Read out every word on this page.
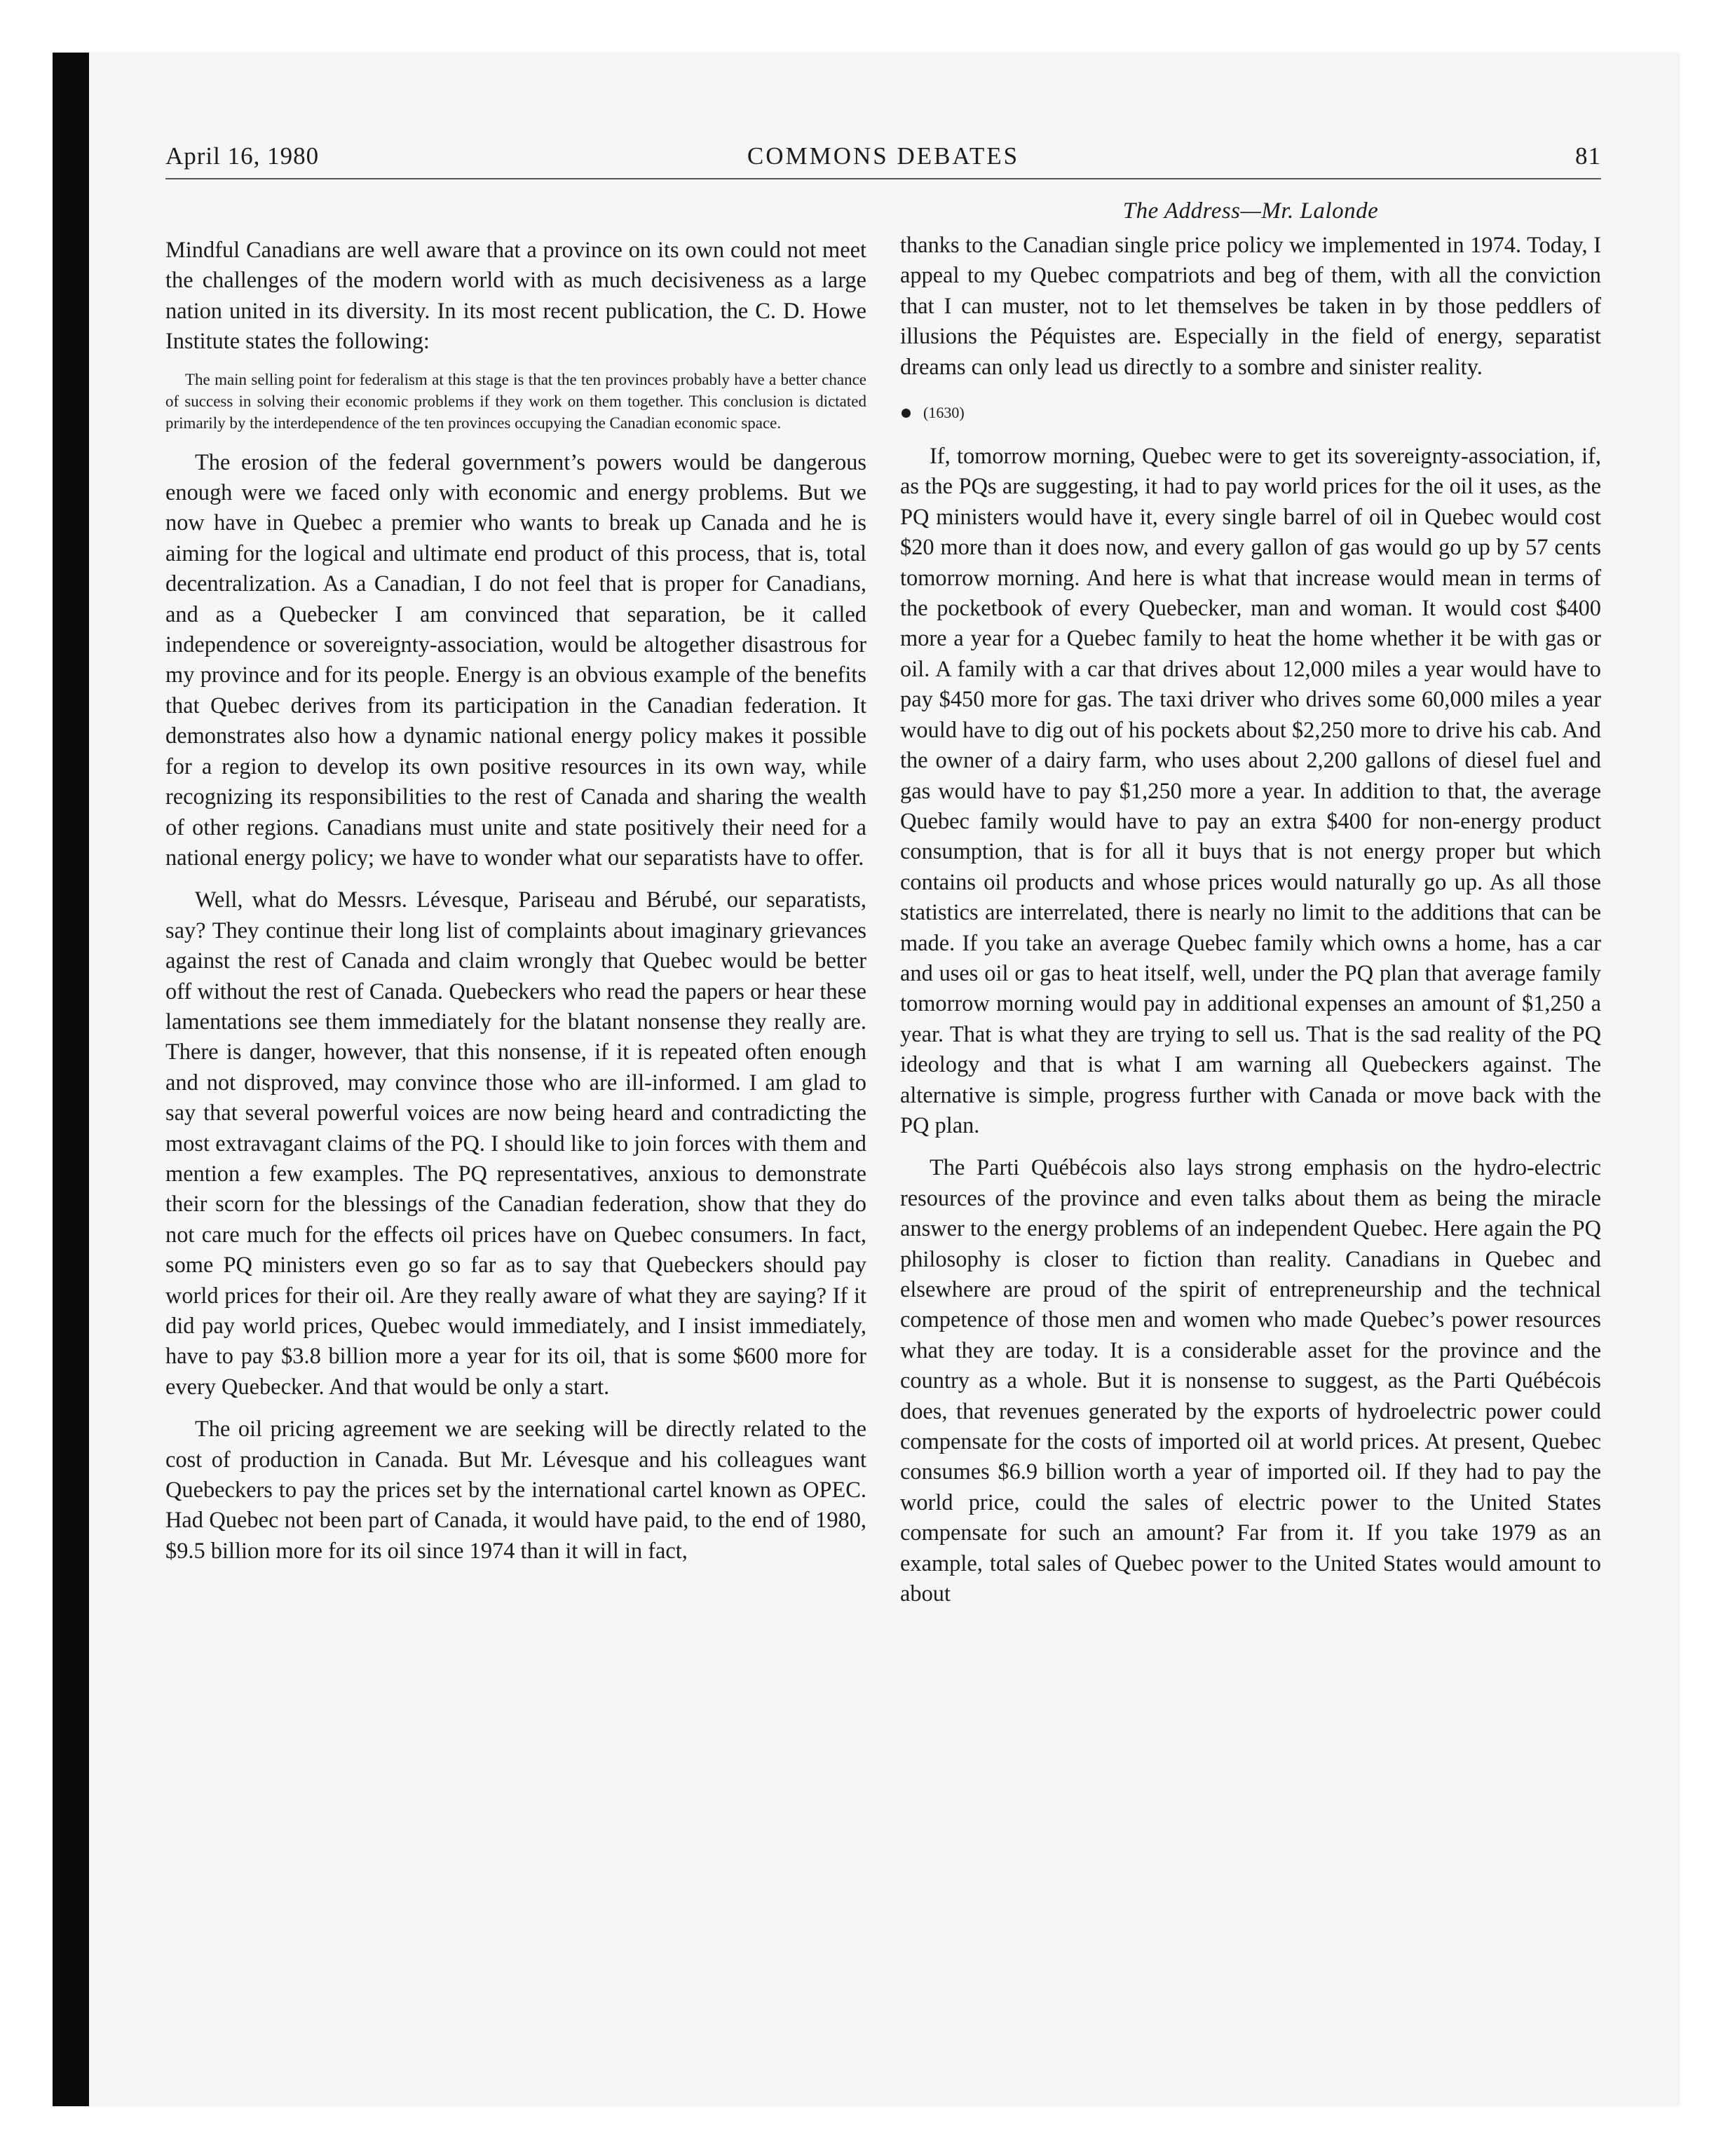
April 16, 1980	COMMONS DEBATES	81

Mindful Canadians are well aware that a province on its own could not meet the challenges of the modern world with as much decisiveness as a large nation united in its diversity. In its most recent publication, the C. D. Howe Institute states the following:

The main selling point for federalism at this stage is that the ten provinces probably have a better chance of success in solving their economic problems if they work on them together. This conclusion is dictated primarily by the interdependence of the ten provinces occupying the Canadian economic space.

The erosion of the federal government’s powers would be dangerous enough were we faced only with economic and energy problems. But we now have in Quebec a premier who wants to break up Canada and he is aiming for the logical and ultimate end product of this process, that is, total decentralization. As a Canadian, I do not feel that is proper for Canadians, and as a Quebecker I am convinced that separation, be it called independence or sovereignty-association, would be altogether disastrous for my province and for its people. Energy is an obvious example of the benefits that Quebec derives from its participation in the Canadian federation. It demonstrates also how a dynamic national energy policy makes it possible for a region to develop its own positive resources in its own way, while recognizing its responsibilities to the rest of Canada and sharing the wealth of other regions. Canadians must unite and state positively their need for a national energy policy; we have to wonder what our separatists have to offer.

Well, what do Messrs. Lévesque, Pariseau and Bérubé, our separatists, say? They continue their long list of complaints about imaginary grievances against the rest of Canada and claim wrongly that Quebec would be better off without the rest of Canada. Quebeckers who read the papers or hear these lamentations see them immediately for the blatant nonsense they really are. There is danger, however, that this nonsense, if it is repeated often enough and not disproved, may convince those who are ill-informed. I am glad to say that several powerful voices are now being heard and contradicting the most extravagant claims of the PQ. I should like to join forces with them and mention a few examples. The PQ representatives, anxious to demonstrate their scorn for the blessings of the Canadian federation, show that they do not care much for the effects oil prices have on Quebec consumers. In fact, some PQ ministers even go so far as to say that Quebeckers should pay world prices for their oil. Are they really aware of what they are saying? If it did pay world prices, Quebec would immediately, and I insist immediately, have to pay $3.8 billion more a year for its oil, that is some $600 more for every Quebecker. And that would be only a start.

The oil pricing agreement we are seeking will be directly related to the cost of production in Canada. But Mr. Lévesque and his colleagues want Quebeckers to pay the prices set by the international cartel known as OPEC. Had Quebec not been part of Canada, it would have paid, to the end of 1980, $9.5 billion more for its oil since 1974 than it will in fact,

The Address—Mr. Lalonde

thanks to the Canadian single price policy we implemented in 1974. Today, I appeal to my Quebec compatriots and beg of them, with all the conviction that I can muster, not to let themselves be taken in by those peddlers of illusions the Péquistes are. Especially in the field of energy, separatist dreams can only lead us directly to a sombre and sinister reality.

(1630)

If, tomorrow morning, Quebec were to get its sovereignty-association, if, as the PQs are suggesting, it had to pay world prices for the oil it uses, as the PQ ministers would have it, every single barrel of oil in Quebec would cost $20 more than it does now, and every gallon of gas would go up by 57 cents tomorrow morning. And here is what that increase would mean in terms of the pocketbook of every Quebecker, man and woman. It would cost $400 more a year for a Quebec family to heat the home whether it be with gas or oil. A family with a car that drives about 12,000 miles a year would have to pay $450 more for gas. The taxi driver who drives some 60,000 miles a year would have to dig out of his pockets about $2,250 more to drive his cab. And the owner of a dairy farm, who uses about 2,200 gallons of diesel fuel and gas would have to pay $1,250 more a year. In addition to that, the average Quebec family would have to pay an extra $400 for non-energy product consumption, that is for all it buys that is not energy proper but which contains oil products and whose prices would naturally go up. As all those statistics are interrelated, there is nearly no limit to the additions that can be made. If you take an average Quebec family which owns a home, has a car and uses oil or gas to heat itself, well, under the PQ plan that average family tomorrow morning would pay in additional expenses an amount of $1,250 a year. That is what they are trying to sell us. That is the sad reality of the PQ ideology and that is what I am warning all Quebeckers against. The alternative is simple, progress further with Canada or move back with the PQ plan.

The Parti Québécois also lays strong emphasis on the hydro-electric resources of the province and even talks about them as being the miracle answer to the energy problems of an independent Quebec. Here again the PQ philosophy is closer to fiction than reality. Canadians in Quebec and elsewhere are proud of the spirit of entrepreneurship and the technical competence of those men and women who made Quebec’s power resources what they are today. It is a considerable asset for the province and the country as a whole. But it is nonsense to suggest, as the Parti Québécois does, that revenues generated by the exports of hydroelectric power could compensate for the costs of imported oil at world prices. At present, Quebec consumes $6.9 billion worth a year of imported oil. If they had to pay the world price, could the sales of electric power to the United States compensate for such an amount? Far from it. If you take 1979 as an example, total sales of Quebec power to the United States would amount to about
